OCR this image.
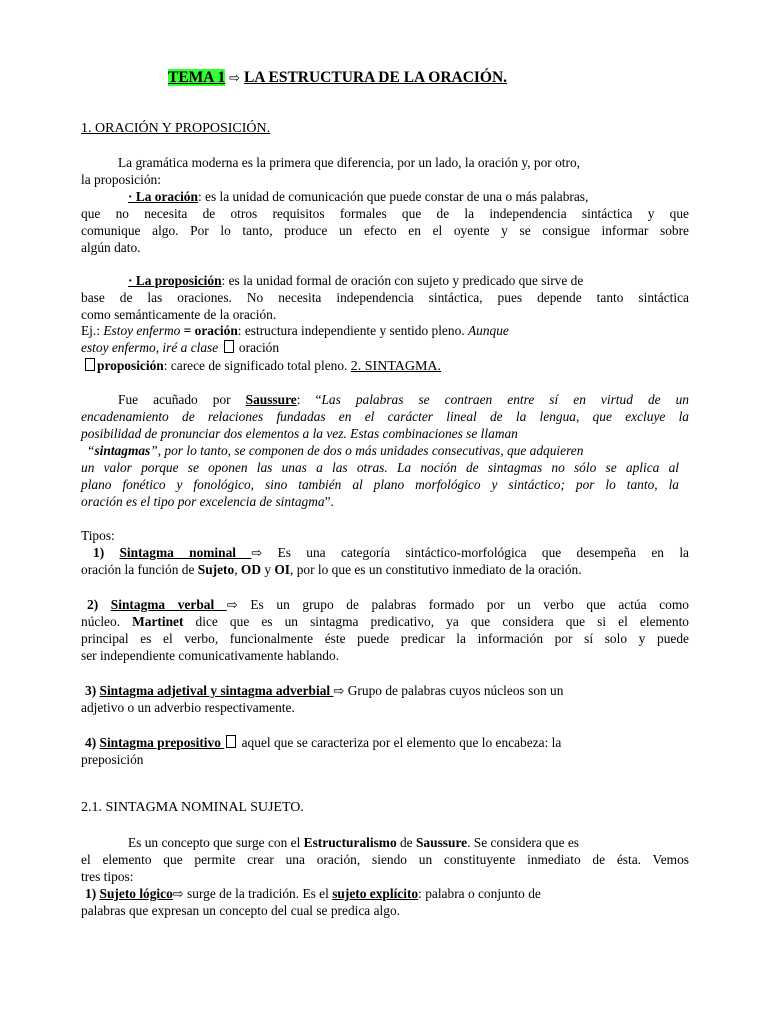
TEMA 1 ⇨ LA ESTRUCTURA DE LA ORACIÓN.
1. ORACIÓN Y PROPOSICIÓN.
La gramática moderna es la primera que diferencia, por un lado, la oración y, por otro,
la proposición:
· La oración: es la unidad de comunicación que puede constar de una o más palabras,
que no necesita de otros requisitos formales que de la independencia sintáctica y que
comunique algo. Por lo tanto, produce un efecto en el oyente y se consigue informar sobre
algún dato.
· La proposición: es la unidad formal de oración con sujeto y predicado que sirve de
base de las oraciones. No necesita independencia sintáctica, pues depende tanto sintáctica
como semánticamente de la oración.
Ej.: Estoy enfermo = oración: estructura independiente y sentido pleno. Aunque
estoy enfermo, iré a clase  oración
proposición: carece de significado total pleno. 2. SINTAGMA.
Fue acuñado por Saussure: “Las palabras se contraen entre sí en virtud de un
encadenamiento de relaciones fundadas en el carácter lineal de la lengua, que excluye la
posibilidad de pronunciar dos elementos a la vez. Estas combinaciones se llaman
“sintagmas”, por lo tanto, se componen de dos o más unidades consecutivas, que adquieren
un valor porque se oponen las unas a las otras. La noción de sintagmas no sólo se aplica al
plano fonético y fonológico, sino también al plano morfológico y sintáctico; por lo tanto, la
oración es el tipo por excelencia de sintagma”.
Tipos:
1) Sintagma nominal ⇨ Es una categoría sintáctico-morfológica que desempeña en la
oración la función de Sujeto, OD y OI, por lo que es un constitutivo inmediato de la oración.
2) Sintagma verbal ⇨ Es un grupo de palabras formado por un verbo que actúa como
núcleo. Martinet dice que es un sintagma predicativo, ya que considera que si el elemento
principal es el verbo, funcionalmente éste puede predicar la información por sí solo y puede
ser independiente comunicativamente hablando.
3) Sintagma adjetival y sintagma adverbial ⇨ Grupo de palabras cuyos núcleos son un
adjetivo o un adverbio respectivamente.
4) Sintagma prepositivo  aquel que se caracteriza por el elemento que lo encabeza: la
preposición
2.1. SINTAGMA NOMINAL SUJETO.
Es un concepto que surge con el Estructuralismo de Saussure. Se considera que es
el elemento que permite crear una oración, siendo un constituyente inmediato de ésta. Vemos
tres tipos:
1) Sujeto lógico⇨ surge de la tradición. Es el sujeto explícito: palabra o conjunto de
palabras que expresan un concepto del cual se predica algo.
